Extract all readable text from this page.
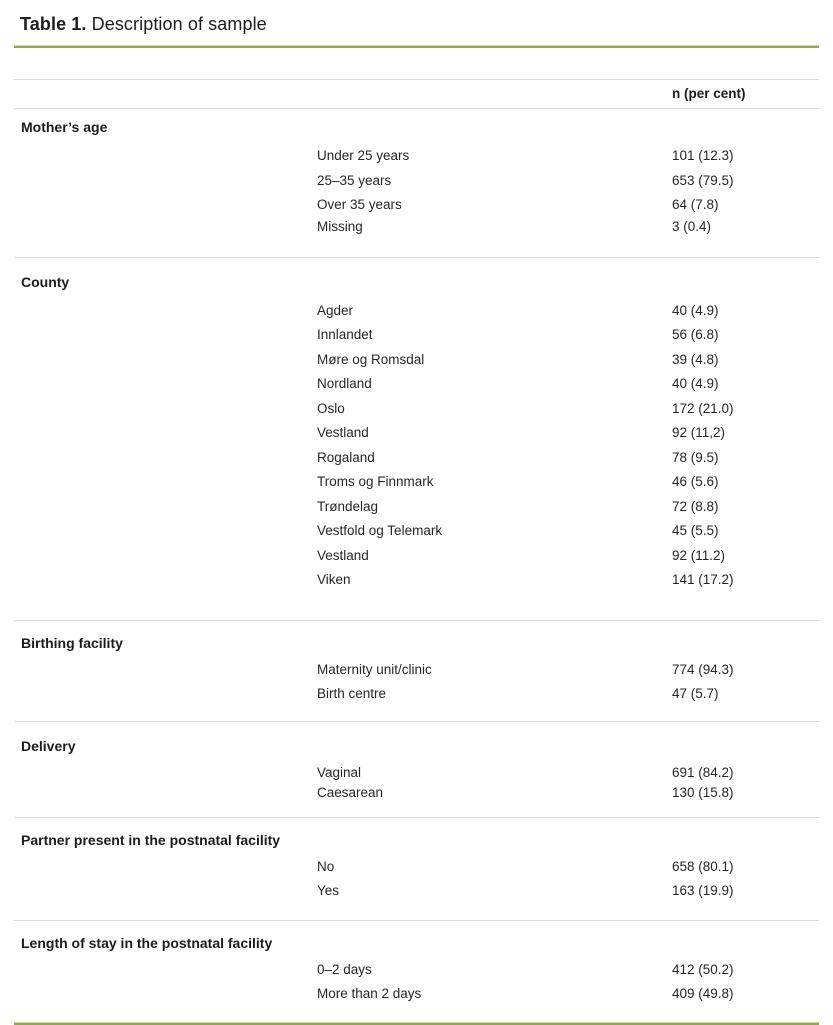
Table 1. Description of sample
n (per cent)
Mother’s age
Under 25 years	101 (12.3)
25–35 years	653 (79.5)
Over 35 years	64 (7.8)
Missing	3 (0.4)
County
Agder	40 (4.9)
Innlandet	56 (6.8)
Møre og Romsdal	39 (4.8)
Nordland	40 (4.9)
Oslo	172 (21.0)
Vestland	92 (11,2)
Rogaland	78 (9.5)
Troms og Finnmark	46 (5.6)
Trøndelag	72 (8.8)
Vestfold og Telemark	45 (5.5)
Vestland	92 (11.2)
Viken	141 (17.2)
Birthing facility
Maternity unit/clinic	774 (94.3)
Birth centre	47 (5.7)
Delivery
Vaginal	691 (84.2)
Caesarean	130 (15.8)
Partner present in the postnatal facility
No	658 (80.1)
Yes	163 (19.9)
Length of stay in the postnatal facility
0–2 days	412 (50.2)
More than 2 days	409 (49.8)
